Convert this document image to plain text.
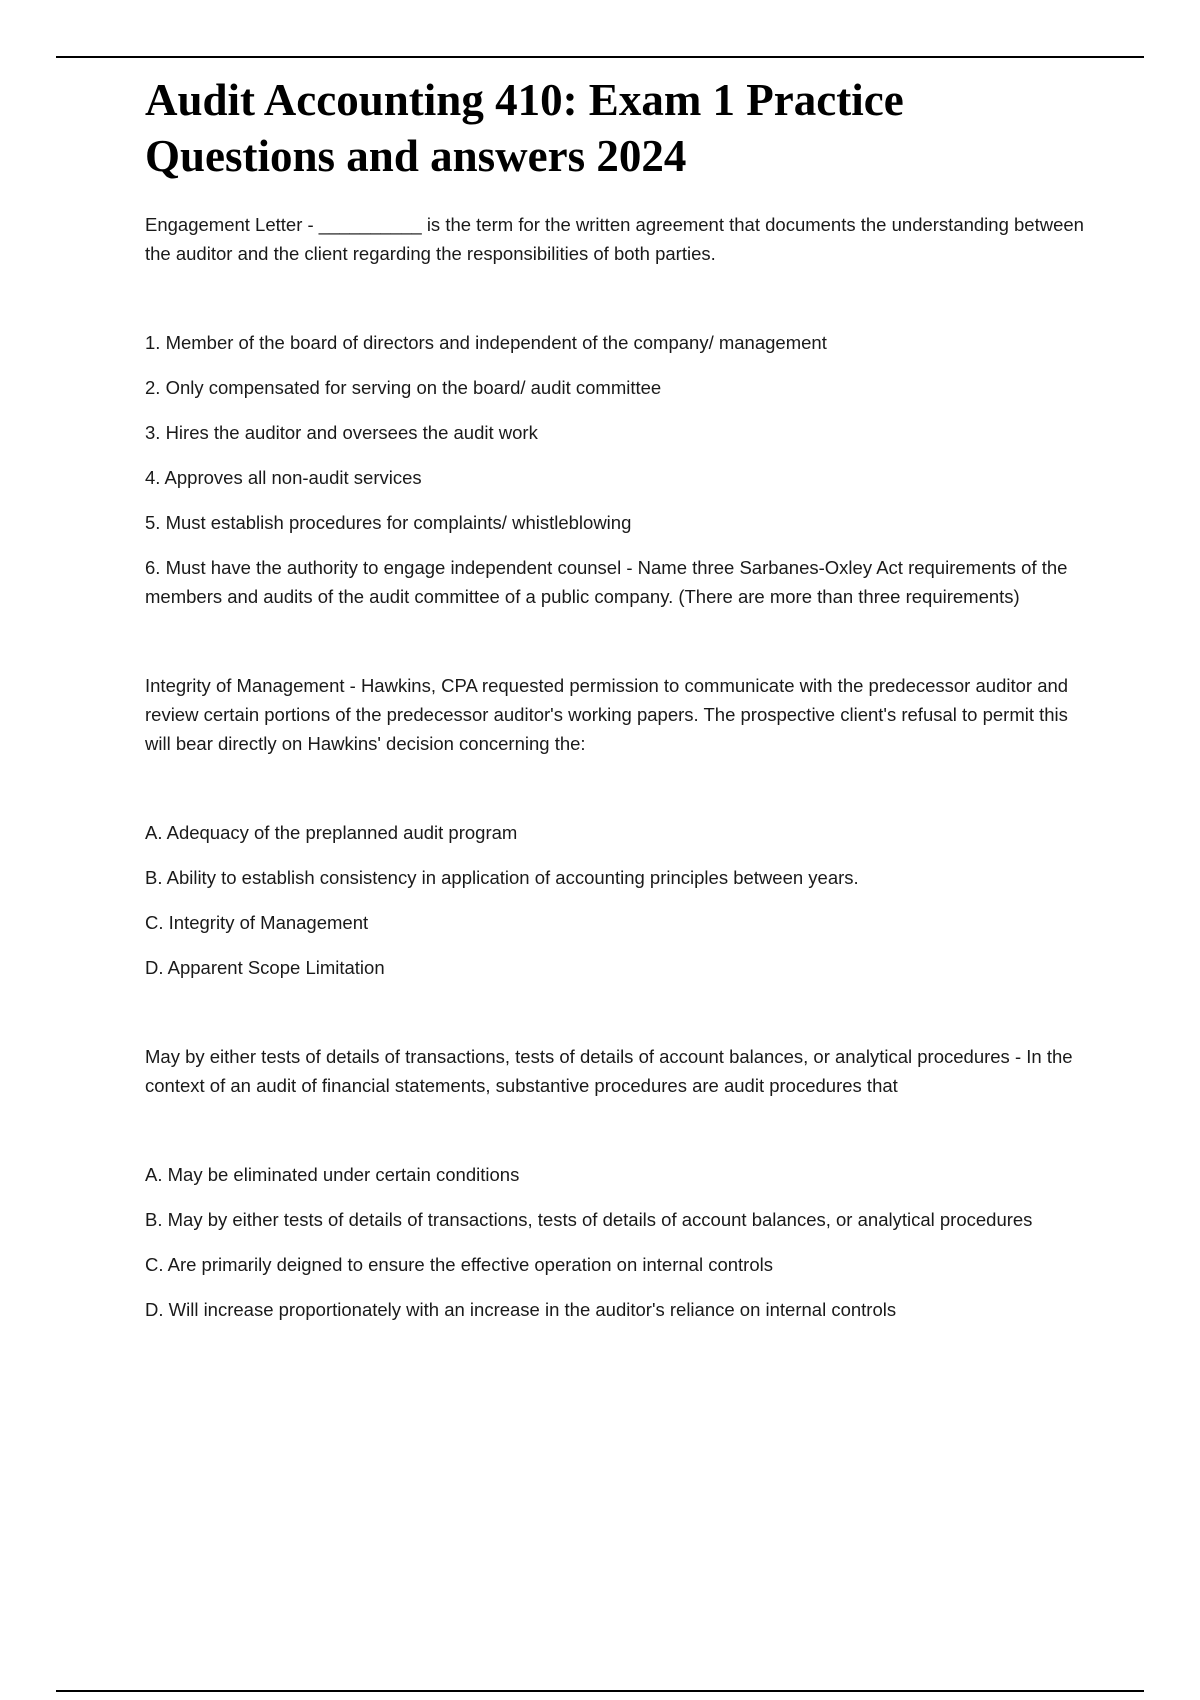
Audit Accounting 410: Exam 1 Practice Questions and answers 2024

Engagement Letter - __________ is the term for the written agreement that documents the understanding between the auditor and the client regarding the responsibilities of both parties.

1. Member of the board of directors and independent of the company/ management

2. Only compensated for serving on the board/ audit committee

3. Hires the auditor and oversees the audit work

4. Approves all non-audit services

5. Must establish procedures for complaints/ whistleblowing

6. Must have the authority to engage independent counsel - Name three Sarbanes-Oxley Act requirements of the members and audits of the audit committee of a public company. (There are more than three requirements)

Integrity of Management - Hawkins, CPA requested permission to communicate with the predecessor auditor and review certain portions of the predecessor auditor's working papers. The prospective client's refusal to permit this will bear directly on Hawkins' decision concerning the:

A. Adequacy of the preplanned audit program

B. Ability to establish consistency in application of accounting principles between years.

C. Integrity of Management

D. Apparent Scope Limitation

May by either tests of details of transactions, tests of details of account balances, or analytical procedures - In the context of an audit of financial statements, substantive procedures are audit procedures that

A. May be eliminated under certain conditions

B. May by either tests of details of transactions, tests of details of account balances, or analytical procedures

C. Are primarily deigned to ensure the effective operation on internal controls

D. Will increase proportionately with an increase in the auditor's reliance on internal controls
